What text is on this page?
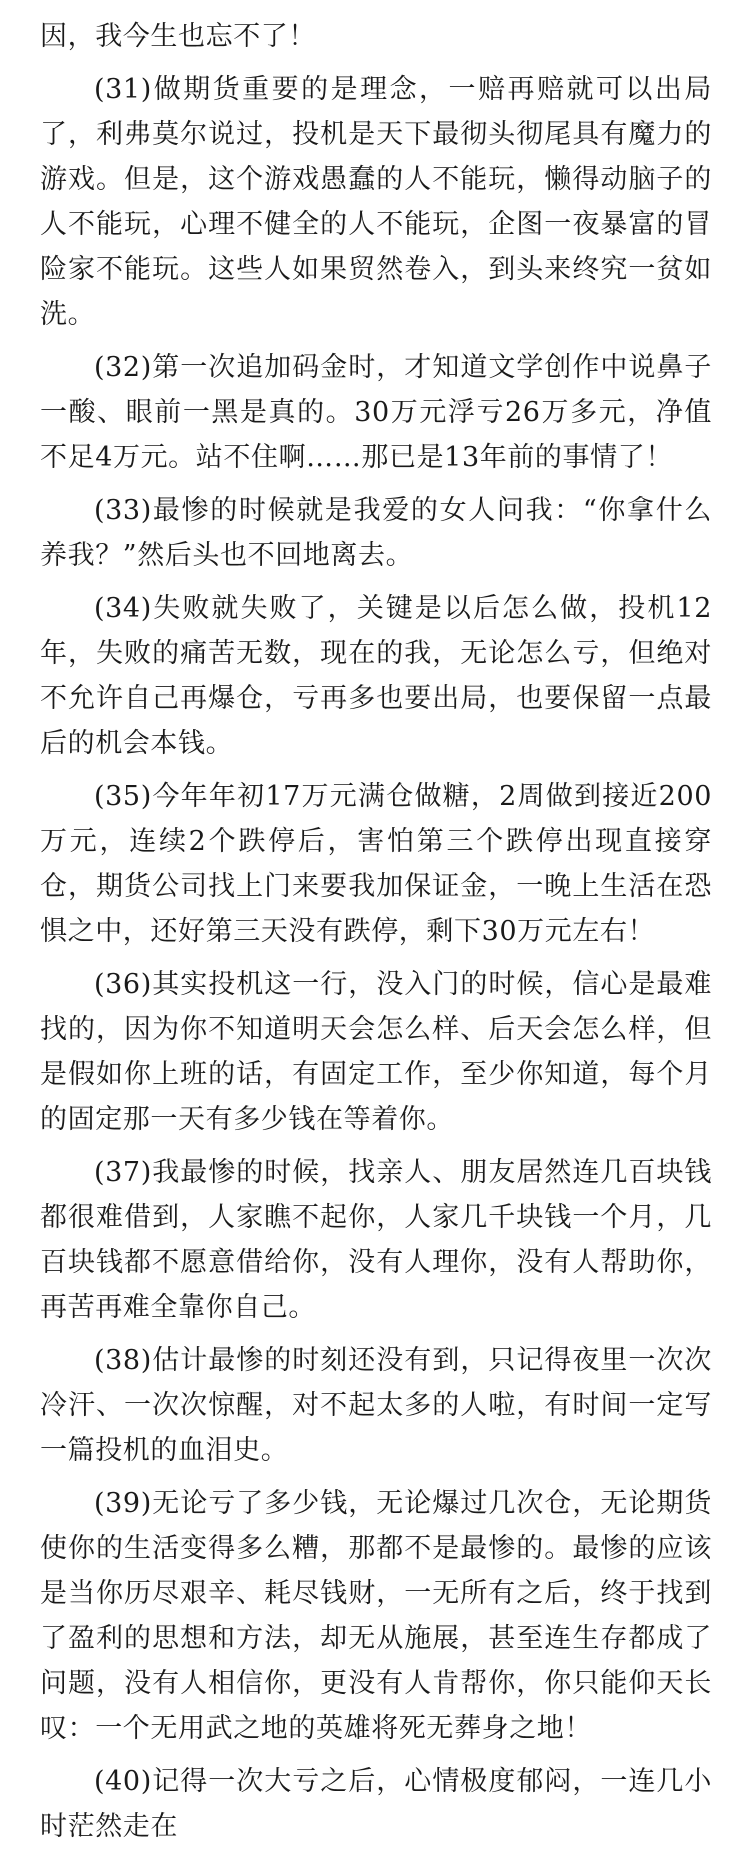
因，我今生也忘不了！

(31)做期货重要的是理念，一赔再赔就可以出局了，利弗莫尔说过，投机是天下最彻头彻尾具有魔力的游戏。但是，这个游戏愚蠢的人不能玩，懒得动脑子的人不能玩，心理不健全的人不能玩，企图一夜暴富的冒险家不能玩。这些人如果贸然卷入，到头来终究一贫如洗。

(32)第一次追加码金时，才知道文学创作中说鼻子一酸、眼前一黑是真的。30万元浮亏26万多元，净值不足4万元。站不住啊……那已是13年前的事情了！

(33)最惨的时候就是我爱的女人问我：“你拿什么养我？”然后头也不回地离去。

(34)失败就失败了，关键是以后怎么做，投机12年，失败的痛苦无数，现在的我，无论怎么亏，但绝对不允许自己再爆仓，亏再多也要出局，也要保留一点最后的机会本钱。

(35)今年年初17万元满仓做糖，2周做到接近200万元，连续2个跌停后，害怕第三个跌停出现直接穿仓，期货公司找上门来要我加保证金，一晚上生活在恐惧之中，还好第三天没有跌停，剩下30万元左右！

(36)其实投机这一行，没入门的时候，信心是最难找的，因为你不知道明天会怎么样、后天会怎么样，但是假如你上班的话，有固定工作，至少你知道，每个月的固定那一天有多少钱在等着你。

(37)我最惨的时候，找亲人、朋友居然连几百块钱都很难借到，人家瞧不起你，人家几千块钱一个月，几百块钱都不愿意借给你，没有人理你，没有人帮助你，再苦再难全靠你自己。

(38)估计最惨的时刻还没有到，只记得夜里一次次冷汗、一次次惊醒，对不起太多的人啦，有时间一定写一篇投机的血泪史。

(39)无论亏了多少钱，无论爆过几次仓，无论期货使你的生活变得多么糟，那都不是最惨的。最惨的应该是当你历尽艰辛、耗尽钱财，一无所有之后，终于找到了盈利的思想和方法，却无从施展，甚至连生存都成了问题，没有人相信你，更没有人肯帮你，你只能仰天长叹：一个无用武之地的英雄将死无葬身之地！

(40)记得一次大亏之后，心情极度郁闷，一连几小时茫然走在
